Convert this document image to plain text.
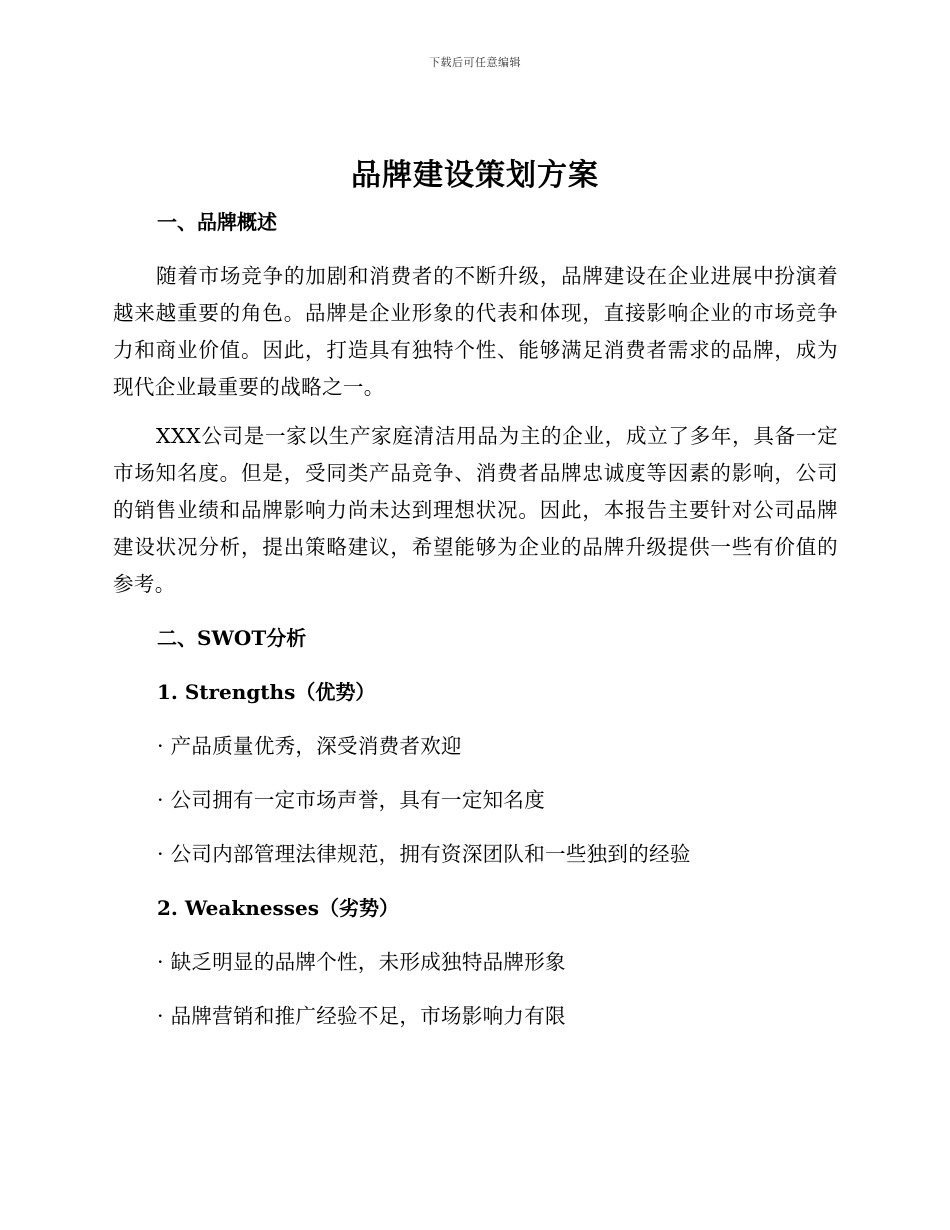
下载后可任意编辑
品牌建设策划方案
一、品牌概述

随着市场竞争的加剧和消费者的不断升级，品牌建设在企业进展中扮演着越来越重要的角色。品牌是企业形象的代表和体现，直接影响企业的市场竞争力和商业价值。因此，打造具有独特个性、能够满足消费者需求的品牌，成为现代企业最重要的战略之一。

XXX公司是一家以生产家庭清洁用品为主的企业，成立了多年，具备一定市场知名度。但是，受同类产品竞争、消费者品牌忠诚度等因素的影响，公司的销售业绩和品牌影响力尚未达到理想状况。因此，本报告主要针对公司品牌建设状况分析，提出策略建议，希望能够为企业的品牌升级提供一些有价值的参考。

二、SWOT分析
1. Strengths（优势）
· 产品质量优秀，深受消费者欢迎
· 公司拥有一定市场声誉，具有一定知名度
· 公司内部管理法律规范，拥有资深团队和一些独到的经验
2. Weaknesses（劣势）
· 缺乏明显的品牌个性，未形成独特品牌形象
· 品牌营销和推广经验不足，市场影响力有限
